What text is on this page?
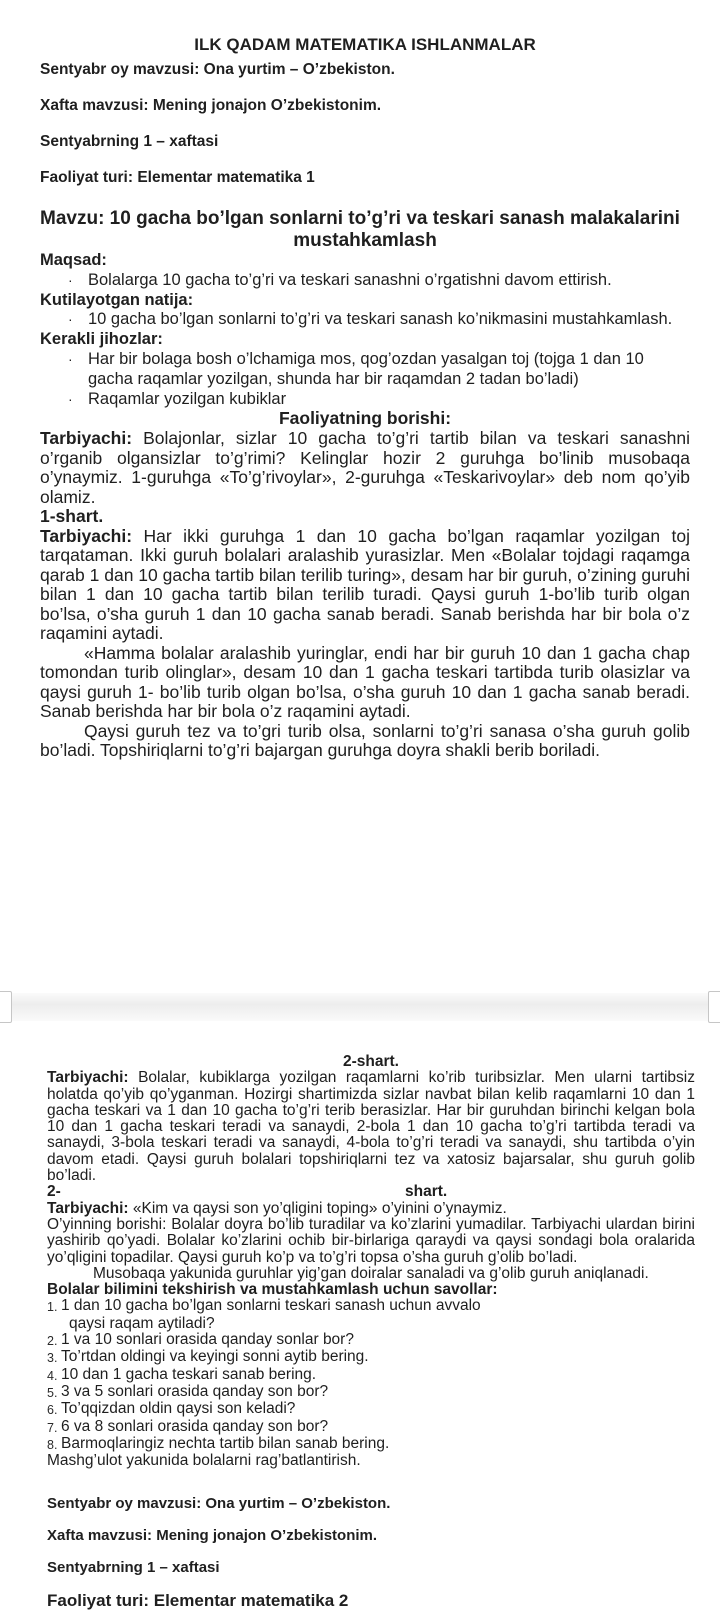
ILK QADAM MATEMATIKA ISHLANMALAR
Sentyabr oy mavzusi: Ona yurtim – O’zbekiston.
Xafta mavzusi: Mening jonajon O’zbekistonim.
Sentyabrning 1 – xaftasi
Faoliyat turi: Elementar matematika 1
Mavzu: 10 gacha bo’lgan sonlarni to’g’ri va teskari sanash malakalarini
mustahkamlash
Maqsad:
· Bolalarga 10 gacha to’g’ri va teskari sanashni o’rgatishni davom ettirish.
Kutilayotgan natija:
· 10 gacha bo’lgan sonlarni to’g’ri va teskari sanash ko’nikmasini mustahkamlash.
Kerakli jihozlar:
· Har bir bolaga bosh o’lchamiga mos, qog’ozdan yasalgan toj (tojga 1 dan 10 gacha raqamlar yozilgan, shunda har bir raqamdan 2 tadan bo’ladi)
· Raqamlar yozilgan kubiklar
Faoliyatning borishi:
Tarbiyachi: Bolajonlar, sizlar 10 gacha to’g’ri tartib bilan va teskari sanashni o’rganib olgansizlar to’g’rimi? Kelinglar hozir 2 guruhga bo’linib musobaqa o’ynaymiz. 1-guruhga «To’g’rivoylar», 2-guruhga «Teskarivoylar» deb nom qo’yib olamiz.
1-shart.
Tarbiyachi: Har ikki guruhga 1 dan 10 gacha bo’lgan raqamlar yozilgan toj tarqataman. Ikki guruh bolalari aralashib yurasizlar. Men «Bolalar tojdagi raqamga qarab 1 dan 10 gacha tartib bilan terilib turing», desam har bir guruh, o’zining guruhi bilan 1 dan 10 gacha tartib bilan terilib turadi. Qaysi guruh 1-bo’lib turib olgan bo’lsa, o’sha guruh 1 dan 10 gacha sanab beradi. Sanab berishda har bir bola o’z raqamini aytadi.
«Hamma bolalar aralashib yuringlar, endi har bir guruh 10 dan 1 gacha chap tomondan turib olinglar», desam 10 dan 1 gacha teskari tartibda turib olasizlar va qaysi guruh 1- bo’lib turib olgan bo’lsa, o’sha guruh 10 dan 1 gacha sanab beradi. Sanab berishda har bir bola o’z raqamini aytadi.
Qaysi guruh tez va to’gri turib olsa, sonlarni to’g’ri sanasa o’sha guruh golib bo’ladi. Topshiriqlarni to’g’ri bajargan guruhga doyra shakli berib boriladi.
2-shart.
Tarbiyachi: Bolalar, kubiklarga yozilgan raqamlarni ko’rib turibsizlar. Men ularni tartibsiz holatda qo’yib qo’yganman. Hozirgi shartimizda sizlar navbat bilan kelib raqamlarni 10 dan 1 gacha teskari va 1 dan 10 gacha to’g’ri terib berasizlar. Har bir guruhdan birinchi kelgan bola 10 dan 1 gacha teskari teradi va sanaydi, 2-bola 1 dan 10 gacha to’g’ri tartibda teradi va sanaydi, 3-bola teskari teradi va sanaydi, 4-bola to’g’ri teradi va sanaydi, shu tartibda o’yin davom etadi. Qaysi guruh bolalari topshiriqlarni tez va xatosiz bajarsalar, shu guruh golib bo’ladi.
2-	shart.
Tarbiyachi: «Kim va qaysi son yo’qligini toping» o’yinini o’ynaymiz.
O’yinning borishi: Bolalar doyra bo’lib turadilar va ko’zlarini yumadilar. Tarbiyachi ulardan birini yashirib qo’yadi. Bolalar ko’zlarini ochib bir-birlariga qaraydi va qaysi sondagi bola oralarida yo’qligini topadilar. Qaysi guruh ko’p va to’g’ri topsa o’sha guruh g’olib bo’ladi.
Musobaqa yakunida guruhlar yig’gan doiralar sanaladi va g’olib guruh aniqlanadi.
Bolalar bilimini tekshirish va mustahkamlash uchun savollar:
1. 1 dan 10 gacha bo’lgan sonlarni teskari sanash uchun avvalo
qaysi raqam aytiladi?
2. 1 va 10 sonlari orasida qanday sonlar bor?
3. To’rtdan oldingi va keyingi sonni aytib bering.
4. 10 dan 1 gacha teskari sanab bering.
5. 3 va 5 sonlari orasida qanday son bor?
6. To’qqizdan oldin qaysi son keladi?
7. 6 va 8 sonlari orasida qanday son bor?
8. Barmoqlaringiz nechta tartib bilan sanab bering.
Mashg’ulot yakunida bolalarni rag’batlantirish.
Sentyabr oy mavzusi: Ona yurtim – O’zbekiston.
Xafta mavzusi: Mening jonajon O’zbekistonim.
Sentyabrning 1 – xaftasi
Faoliyat turi: Elementar matematika 2
